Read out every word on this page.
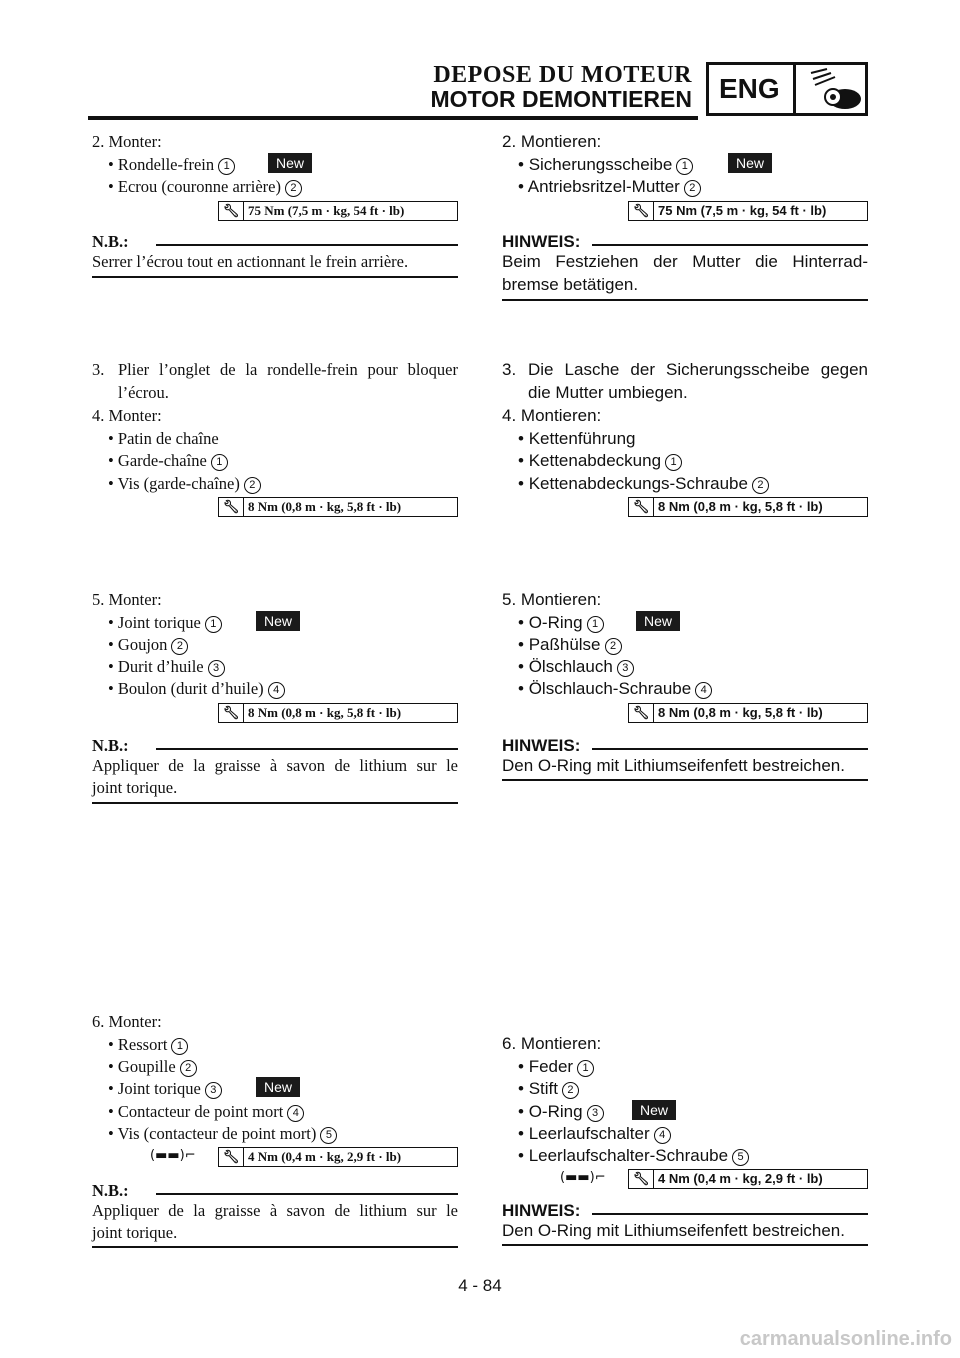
DEPOSE DU MOTEUR
MOTOR DEMONTIEREN ENG
2. Monter:
• Rondelle-frein 1	New
• Ecrou (couronne arrière) 2
🔧︎ 75 Nm (7,5 m · kg, 54 ft · lb)
N.B.:
Serrer l’écrou tout en actionnant le frein arrière.
3. Plier l’onglet de la rondelle-frein pour bloquer
l’écrou.
4. Monter:
• Patin de chaîne
• Garde-chaîne 1
• Vis (garde-chaîne) 2
🔧︎ 8 Nm (0,8 m · kg, 5,8 ft · lb)
5. Monter:
• Joint torique 1	New
• Goujon 2
• Durit d’huile 3
• Boulon (durit d’huile) 4
🔧︎ 8 Nm (0,8 m · kg, 5,8 ft · lb)
N.B.:
Appliquer de la graisse à savon de lithium sur le
joint torique.
6. Monter:
• Ressort 1
• Goupille 2
• Joint torique 3	New
• Contacteur de point mort 4
• Vis (contacteur de point mort) 5
(▬▬)⌐	🔧︎ 4 Nm (0,4 m · kg, 2,9 ft · lb)
N.B.:
Appliquer de la graisse à savon de lithium sur le
joint torique.
2. Montieren:
• Sicherungsscheibe 1	New
• Antriebsritzel-Mutter 2
🔧︎ 75 Nm (7,5 m · kg, 54 ft · lb)
HINWEIS:
Beim Festziehen der Mutter die Hinterrad-
bremse betätigen.
3. Die Lasche der Sicherungsscheibe gegen
die Mutter umbiegen.
4. Montieren:
• Kettenführung
• Kettenabdeckung 1
• Kettenabdeckungs-Schraube 2
🔧︎ 8 Nm (0,8 m · kg, 5,8 ft · lb)
5. Montieren:
• O-Ring 1	New
• Paßhülse 2
• Ölschlauch 3
• Ölschlauch-Schraube 4
🔧︎ 8 Nm (0,8 m · kg, 5,8 ft · lb)
HINWEIS:
Den O-Ring mit Lithiumseifenfett bestreichen.
6. Montieren:
• Feder 1
• Stift 2
• O-Ring 3	New
• Leerlaufschalter 4
• Leerlaufschalter-Schraube 5
(▬▬)⌐	🔧︎ 4 Nm (0,4 m · kg, 2,9 ft · lb)
HINWEIS:
Den O-Ring mit Lithiumseifenfett bestreichen.
4 - 84
carmanualsonline.info
